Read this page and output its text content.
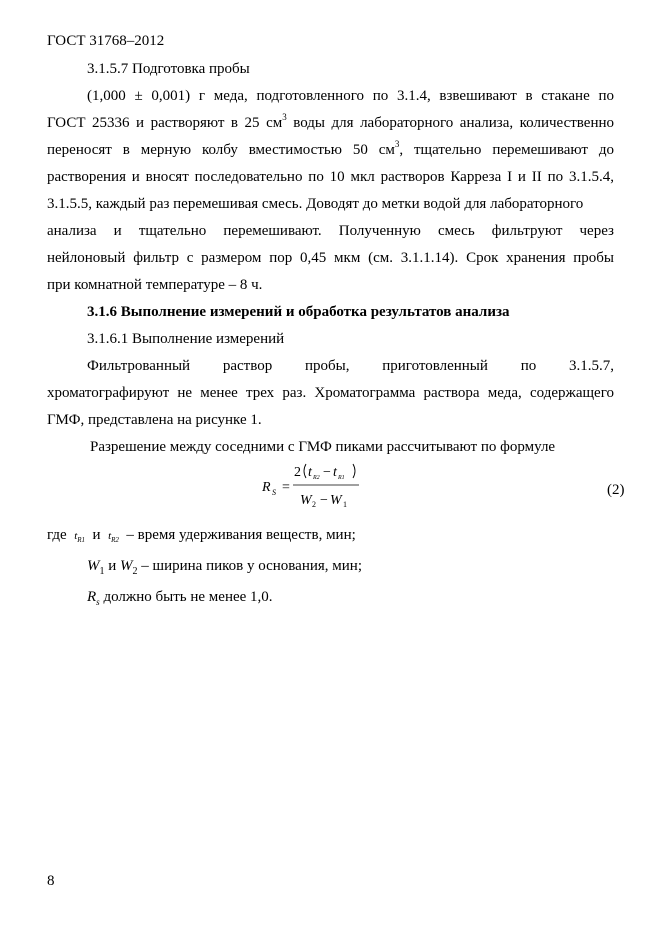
ГОСТ 31768–2012
3.1.5.7 Подготовка пробы
(1,000 ± 0,001) г меда, подготовленного по 3.1.4, взвешивают в стакане по
ГОСТ 25336 и растворяют в 25 $см^3$ воды для лабораторного анализа, количественно
переносят в мерную колбу вместимостью 50 $см^3$, тщательно перемешивают до
растворения и вносят последовательно по 10 мкл растворов Карреза I и II по 3.1.5.4,
3.1.5.5, каждый раз перемешивая смесь. Доводят до метки водой для лабораторного
анализа и тщательно перемешивают. Полученную смесь фильтруют через
нейлоновый фильтр с размером пор 0,45 мкм (см. 3.1.1.14). Срок хранения пробы
при комнатной температуре – 8 ч.
3.1.6 Выполнение измерений и обработка результатов анализа
3.1.6.1 Выполнение измерений
Фильтрованный раствор пробы, приготовленный по 3.1.5.7,
хроматографируют не менее трех раз. Хроматограмма раствора меда, содержащего
ГМФ, представлена на рисунке 1.
Разрешение между соседними с ГМФ пиками рассчитывают по формуле
R S =
2 t R2 − t R1
W 2 − W 1
(2)
где $t_{R1}$ и $t_{R2}$ – время удерживания веществ, мин;
$W_1$ и $W_2$ – ширина пиков у основания, мин;
$R_s$ должно быть не менее 1,0.
8
